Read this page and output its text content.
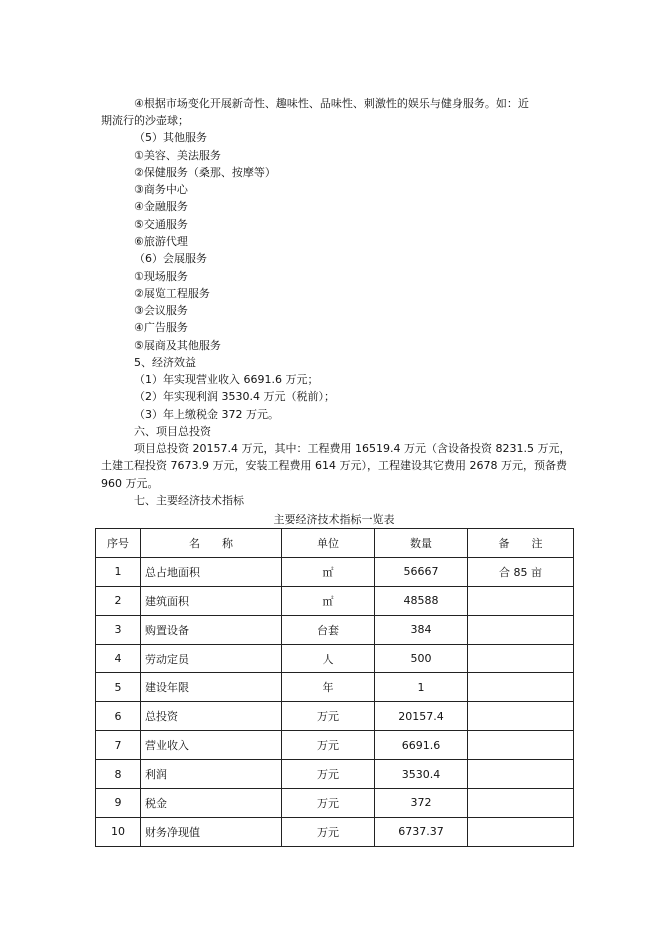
④根据市场变化开展新奇性、趣味性、品味性、刺激性的娱乐与健身服务。如：近
期流行的沙壶球；
（5）其他服务
①美容、美法服务
②保健服务（桑那、按摩等）
③商务中心
④金融服务
⑤交通服务
⑥旅游代理
（6）会展服务
①现场服务
②展览工程服务
③会议服务
④广告服务
⑤展商及其他服务
5、经济效益
（1）年实现营业收入 6691.6 万元；
（2）年实现利润 3530.4 万元（税前）；
（3）年上缴税金 372 万元。
六、项目总投资
项目总投资 20157.4 万元，其中：工程费用 16519.4 万元（含设备投资 8231.5 万元，
土建工程投资 7673.9 万元，安装工程费用 614 万元），工程建设其它费用 2678 万元，预备费
960 万元。
七、主要经济技术指标
主要经济技术指标一览表
序号	名　　称	单位	数量	备　　注
1	总占地面积	㎡	56667	合 85 亩
2	建筑面积	㎡	48588	
3	购置设备	台套	384	
4	劳动定员	人	500	
5	建设年限	年	1	
6	总投资	万元	20157.4	
7	营业收入	万元	6691.6	
8	利润	万元	3530.4	
9	税金	万元	372	
10	财务净现值	万元	6737.37	
